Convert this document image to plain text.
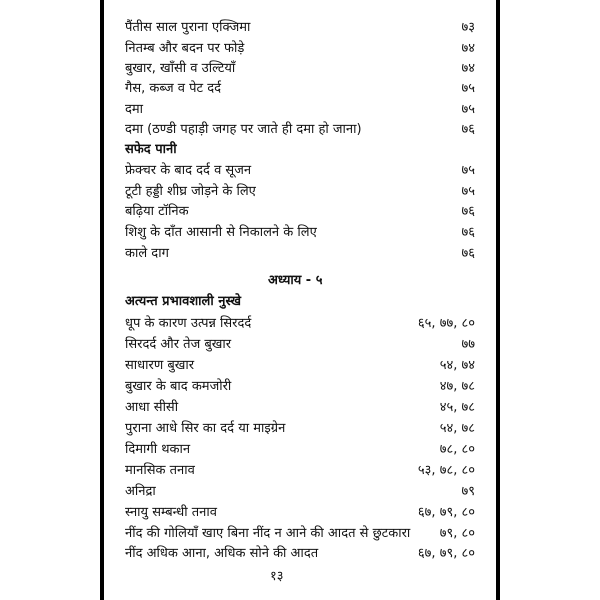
पैंतीस साल पुराना एक्जिमा	७३
नितम्ब और बदन पर फोड़े	७४
बुखार, खाँसी व उल्टियाँ	७४
गैस, कब्ज व पेट दर्द	७५
दमा	७५
दमा (ठण्डी पहाड़ी जगह पर जाते ही दमा हो जाना)	७६
सफेद पानी
फ्रेक्चर के बाद दर्द व सूजन	७५
टूटी हड्डी शीघ्र जोड़ने के लिए	७५
बढ़िया टॉनिक	७६
शिशु के दाँत आसानी से निकालने के लिए	७६
काले दाग	७६
अध्याय - ५
अत्यन्त प्रभावशाली नुस्खे
धूप के कारण उत्पन्न सिरदर्द	६५, ७७, ८०
सिरदर्द और तेज बुखार	७७
साधारण बुखार	५४, ७४
बुखार के बाद कमजोरी	४७, ७८
आधा सीसी	४५, ७८
पुराना आधे सिर का दर्द या माइग्रेन	५४, ७८
दिमागी थकान	७८, ८०
मानसिक तनाव	५३, ७८, ८०
अनिद्रा	७९
स्नायु सम्बन्धी तनाव	६७, ७९, ८०
नींद की गोलियाँ खाए बिना नींद न आने की आदत से छुटकारा ७९, ८०
नींद अधिक आना, अधिक सोने की आदत	६७, ७९, ८०
१३
